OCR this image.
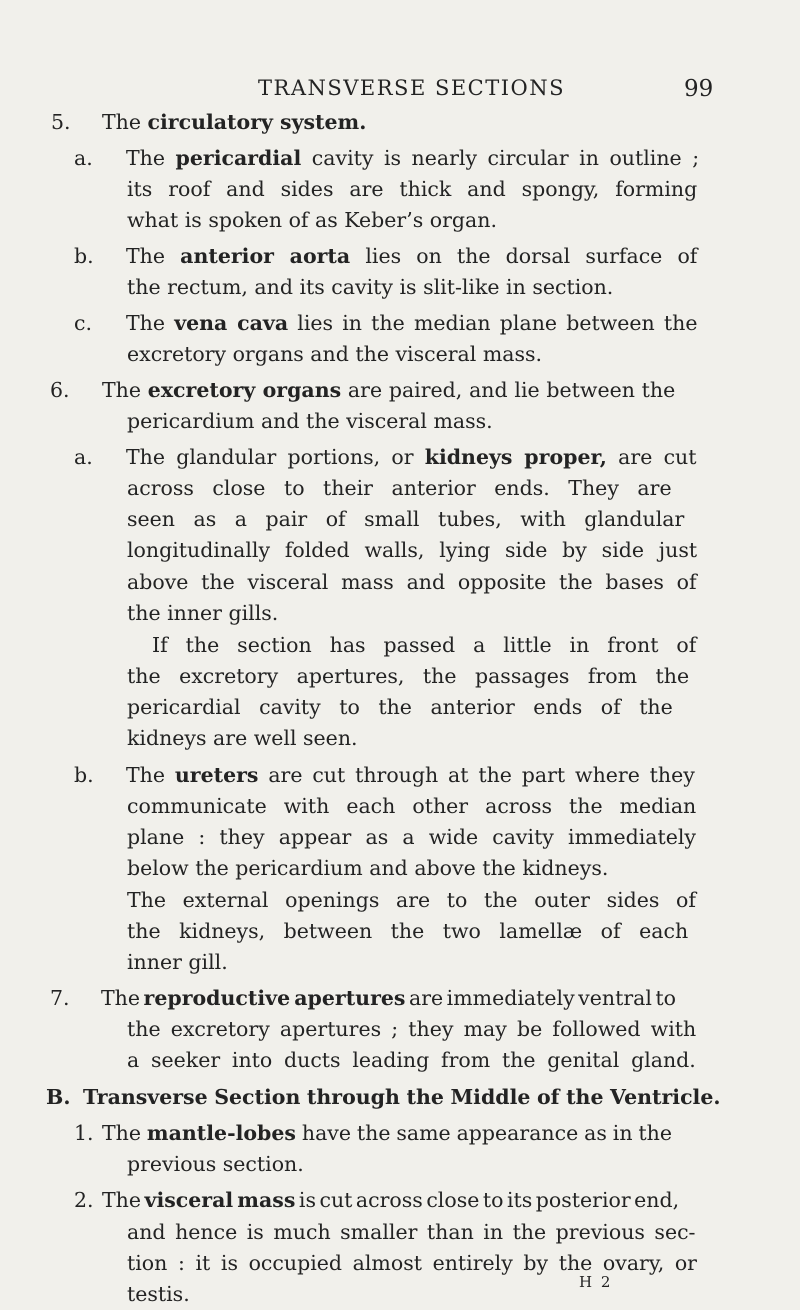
TRANSVERSE SECTIONS	99
5. The circulatory system.
a. The pericardial cavity is nearly circular in outline ;
its roof and sides are thick and spongy, forming
what is spoken of as Keber’s organ.
b. The anterior aorta lies on the dorsal surface of
the rectum, and its cavity is slit-like in section.
c. The vena cava lies in the median plane between the
excretory organs and the visceral mass.
6. The excretory organs are paired, and lie between the
pericardium and the visceral mass.
a. The glandular portions, or kidneys proper, are cut
across close to their anterior ends. They are
seen as a pair of small tubes, with glandular
longitudinally folded walls, lying side by side just
above the visceral mass and opposite the bases of
the inner gills.
If the section has passed a little in front of
the excretory apertures, the passages from the
pericardial cavity to the anterior ends of the
kidneys are well seen.
b. The ureters are cut through at the part where they
communicate with each other across the median
plane : they appear as a wide cavity immediately
below the pericardium and above the kidneys.
The external openings are to the outer sides of
the kidneys, between the two lamellæ of each
inner gill.
7. The reproductive apertures are immediately ventral to
the excretory apertures ; they may be followed with
a seeker into ducts leading from the genital gland.
B. Transverse Section through the Middle of the Ventricle.
1. The mantle-lobes have the same appearance as in the
previous section.
2. The visceral mass is cut across close to its posterior end,
and hence is much smaller than in the previous sec-
tion : it is occupied almost entirely by the ovary, or
testis.	H 2
